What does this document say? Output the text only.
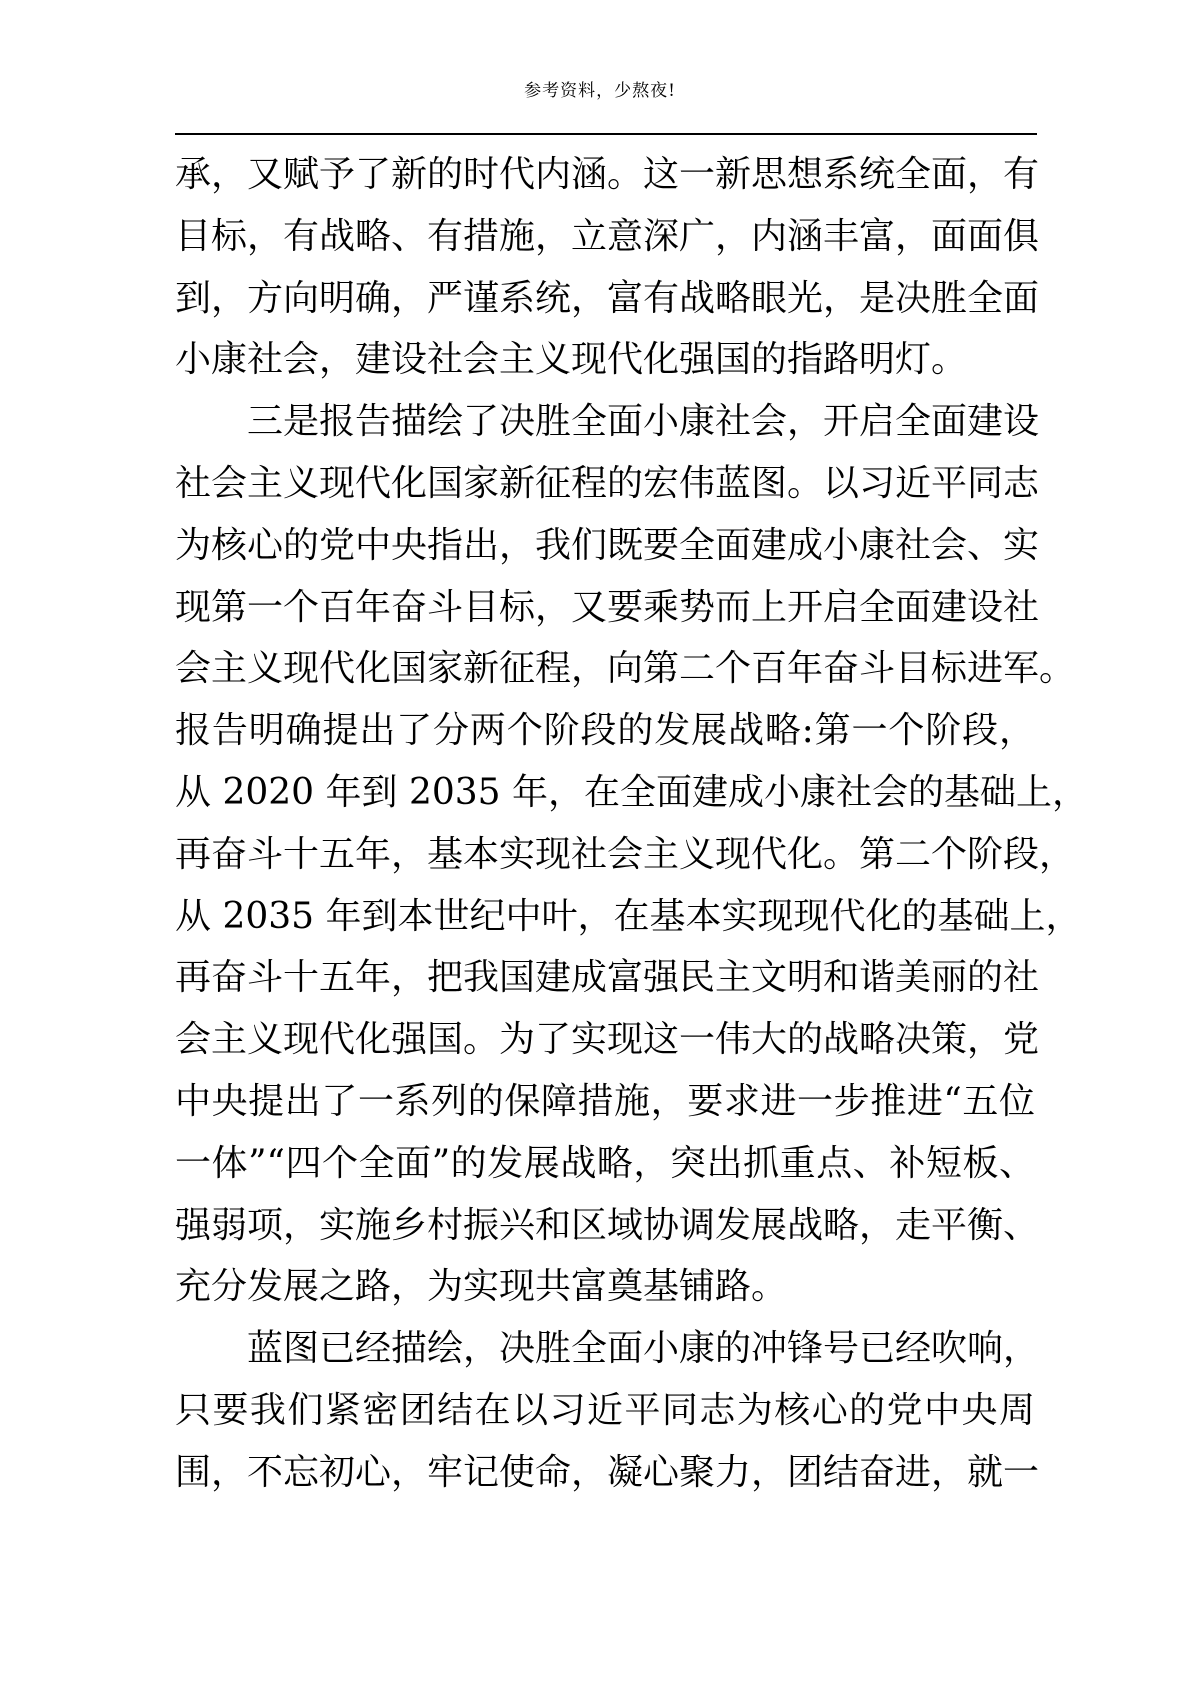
参考资料，少熬夜!
承，又赋予了新的时代内涵。这一新思想系统全面，有
目标，有战略、有措施，立意深广，内涵丰富，面面俱
到，方向明确，严谨系统，富有战略眼光，是决胜全面
小康社会，建设社会主义现代化强国的指路明灯。
三是报告描绘了决胜全面小康社会，开启全面建设
社会主义现代化国家新征程的宏伟蓝图。以习近平同志
为核心的党中央指出，我们既要全面建成小康社会、实
现第一个百年奋斗目标，又要乘势而上开启全面建设社
会主义现代化国家新征程，向第二个百年奋斗目标进军。
报告明确提出了分两个阶段的发展战略:第一个阶段，
从 2020 年到 2035 年，在全面建成小康社会的基础上，
再奋斗十五年，基本实现社会主义现代化。第二个阶段，
从 2035 年到本世纪中叶，在基本实现现代化的基础上，
再奋斗十五年，把我国建成富强民主文明和谐美丽的社
会主义现代化强国。为了实现这一伟大的战略决策，党
中央提出了一系列的保障措施，要求进一步推进“五位
一体”“四个全面”的发展战略，突出抓重点、补短板、
强弱项，实施乡村振兴和区域协调发展战略，走平衡、
充分发展之路，为实现共富奠基铺路。
蓝图已经描绘，决胜全面小康的冲锋号已经吹响，
只要我们紧密团结在以习近平同志为核心的党中央周
围，不忘初心，牢记使命，凝心聚力，团结奋进，就一
